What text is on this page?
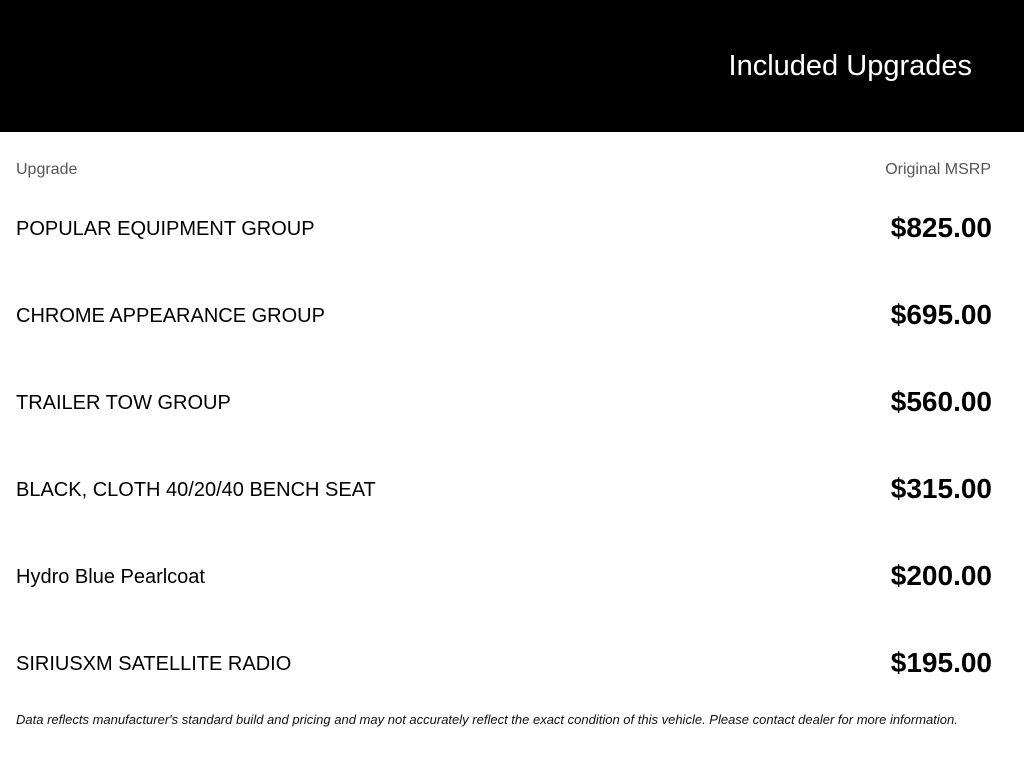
Included Upgrades
Upgrade	Original MSRP
POPULAR EQUIPMENT GROUP	$825.00
CHROME APPEARANCE GROUP	$695.00
TRAILER TOW GROUP	$560.00
BLACK, CLOTH 40/20/40 BENCH SEAT	$315.00
Hydro Blue Pearlcoat	$200.00
SIRIUSXM SATELLITE RADIO	$195.00
Data reflects manufacturer's standard build and pricing and may not accurately reflect the exact condition of this vehicle. Please contact dealer for more information.
